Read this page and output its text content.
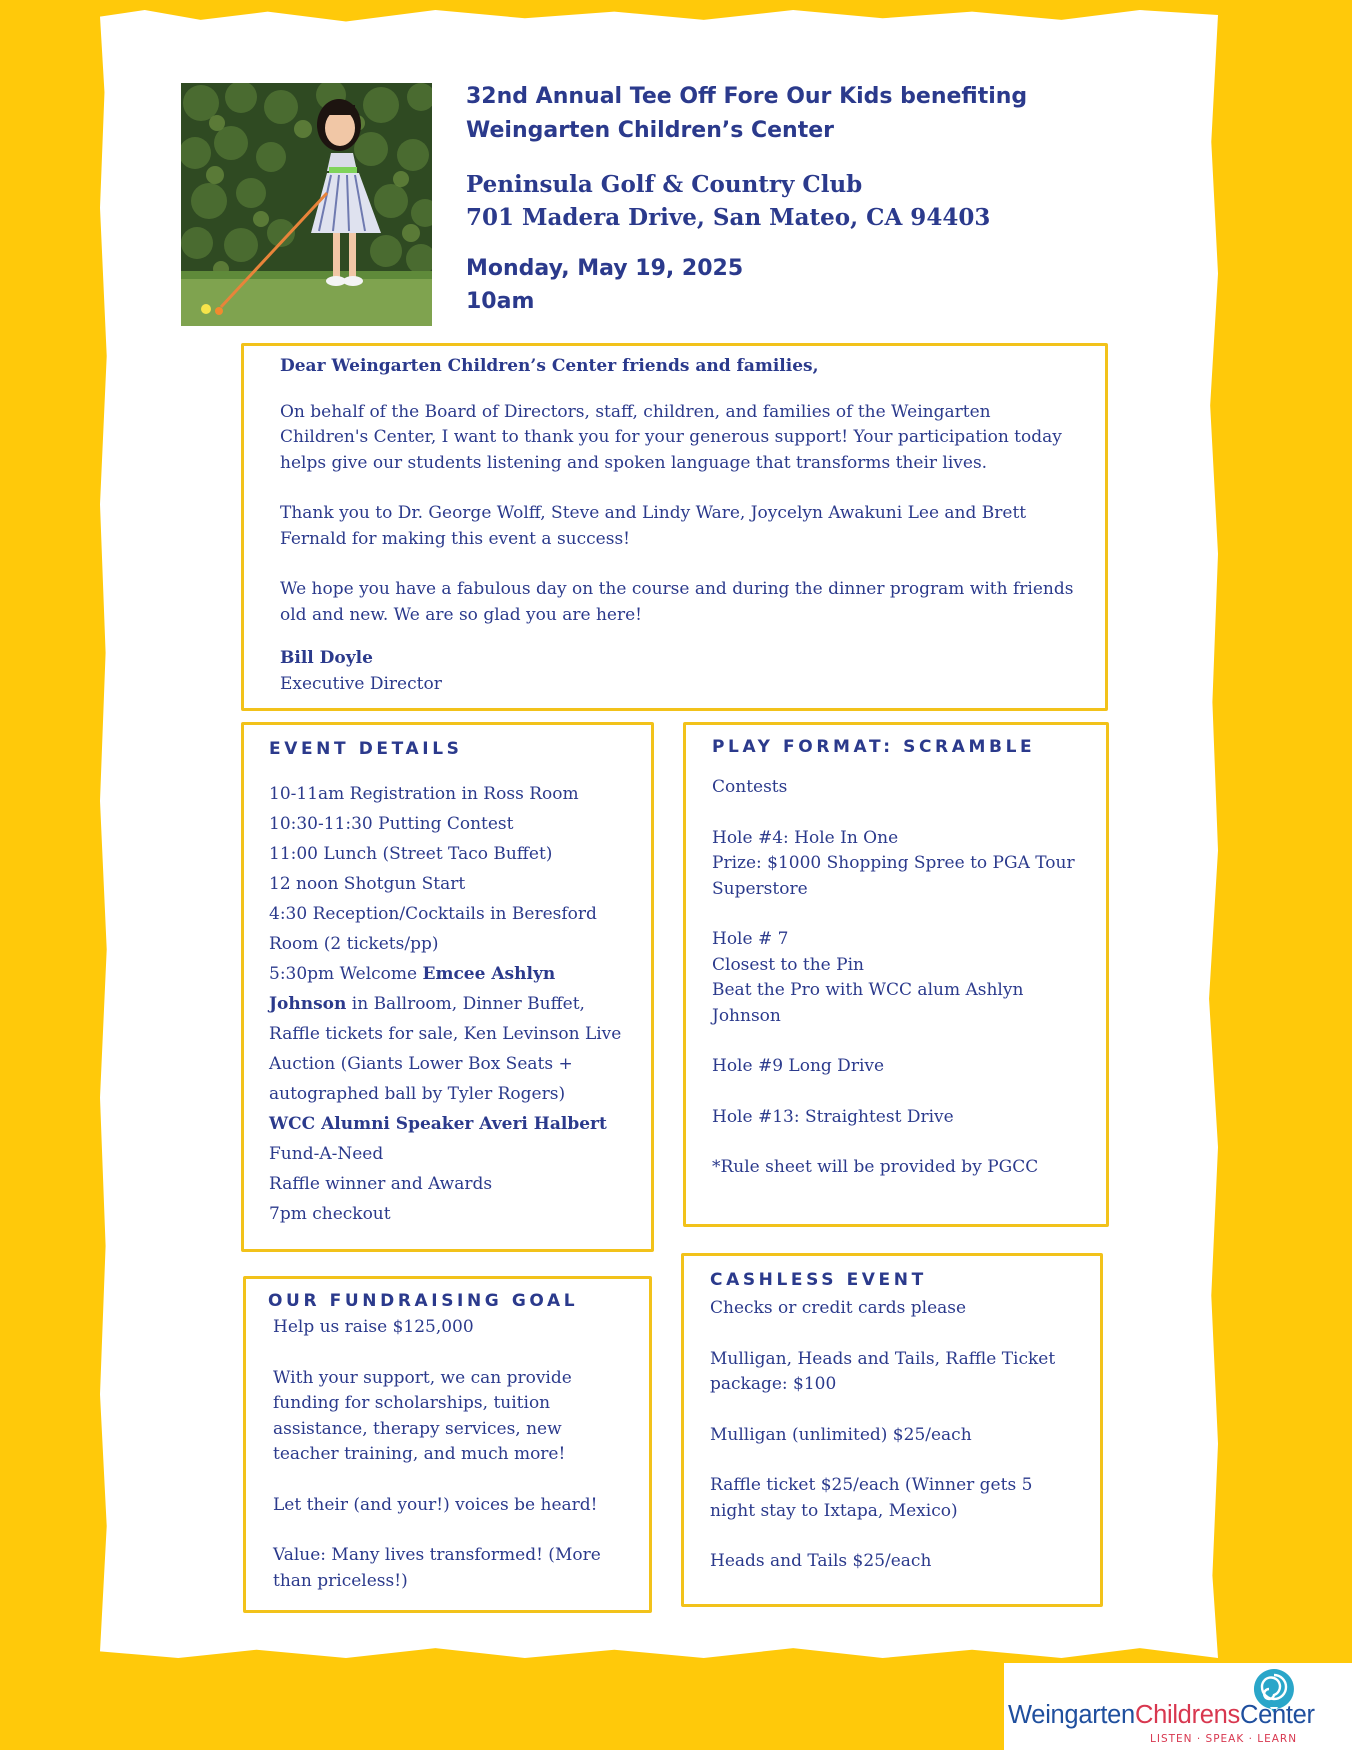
32nd Annual Tee Off Fore Our Kids benefiting
Weingarten Children’s Center
Peninsula Golf & Country Club
701 Madera Drive, San Mateo, CA 94403
Monday, May 19, 2025
10am

Dear Weingarten Children’s Center friends and families,

On behalf of the Board of Directors, staff, children, and families of the Weingarten Children's Center, I want to thank you for your generous support! Your participation today helps give our students listening and spoken language that transforms their lives.

Thank you to Dr. George Wolff, Steve and Lindy Ware, Joycelyn Awakuni Lee and Brett Fernald for making this event a success!

We hope you have a fabulous day on the course and during the dinner program with friends old and new. We are so glad you are here!

Bill Doyle

Executive Director

EVENT DETAILS

10-11am Registration in Ross Room

10:30-11:30 Putting Contest

11:00 Lunch (Street Taco Buffet)

12 noon Shotgun Start

4:30 Reception/Cocktails in Beresford Room (2 tickets/pp)

5:30pm Welcome Emcee Ashlyn Johnson in Ballroom, Dinner Buffet, Raffle tickets for sale, Ken Levinson Live Auction (Giants Lower Box Seats + autographed ball by Tyler Rogers)

WCC Alumni Speaker Averi Halbert

Fund-A-Need

Raffle winner and Awards

7pm checkout

PLAY FORMAT: SCRAMBLE

Contests

Hole #4: Hole In One

Prize: $1000 Shopping Spree to PGA Tour Superstore

Hole # 7

Closest to the Pin

Beat the Pro with WCC alum Ashlyn Johnson

Hole #9 Long Drive

Hole #13: Straightest Drive

*Rule sheet will be provided by PGCC

OUR FUNDRAISING GOAL

Help us raise $125,000

With your support, we can provide funding for scholarships, tuition assistance, therapy services, new teacher training, and much more!

Let their (and your!) voices be heard!

Value: Many lives transformed! (More than priceless!)

CASHLESS EVENT

Checks or credit cards please

Mulligan, Heads and Tails, Raffle Ticket package: $100

Mulligan (unlimited) $25/each

Raffle ticket $25/each (Winner gets 5 night stay to Ixtapa, Mexico)

Heads and Tails $25/each

WeingartenChildrensCenter
LISTEN · SPEAK · LEARN
